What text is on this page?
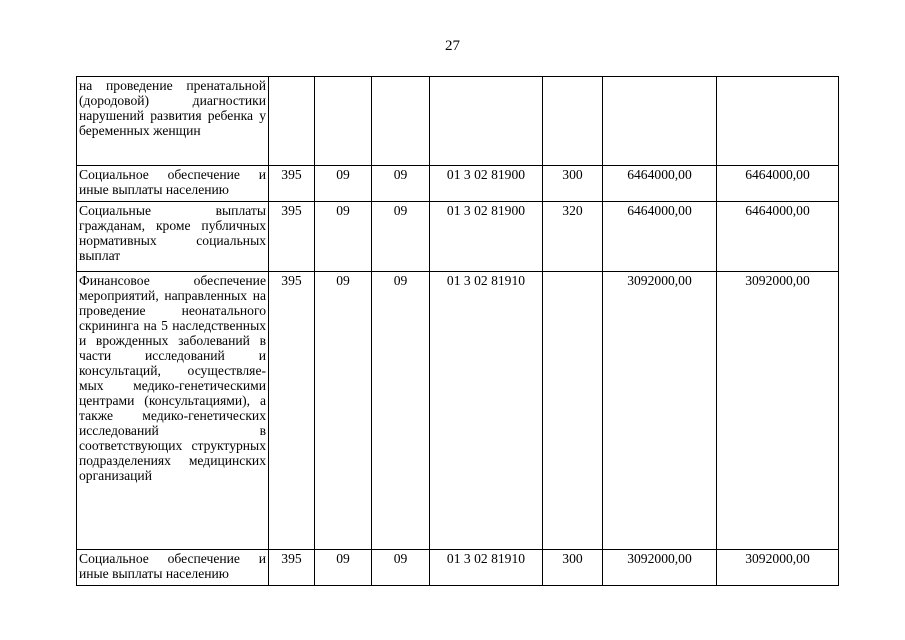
27
на проведение пренатальной (дородовой) диагностики нарушений развития ребенка у беременных женщин							
Социальное обеспечение и иные выплаты населению	395	09	09	01 3 02 81900	300	6464000,00	6464000,00
Социальные выплаты гражданам, кроме публичных нормативных социальных выплат	395	09	09	01 3 02 81900	320	6464000,00	6464000,00
Финансовое обеспечение мероприятий, направленных на проведение неонатального скрининга на 5 наследственных и врожденных заболеваний в части исследований и консультаций, осуществляе-мых медико-генетическими центрами (консультациями), а также медико-генетических исследований в соответствующих структурных подразделениях медицинских организаций	395	09	09	01 3 02 81910		3092000,00	3092000,00
Социальное обеспечение и иные выплаты населению	395	09	09	01 3 02 81910	300	3092000,00	3092000,00
